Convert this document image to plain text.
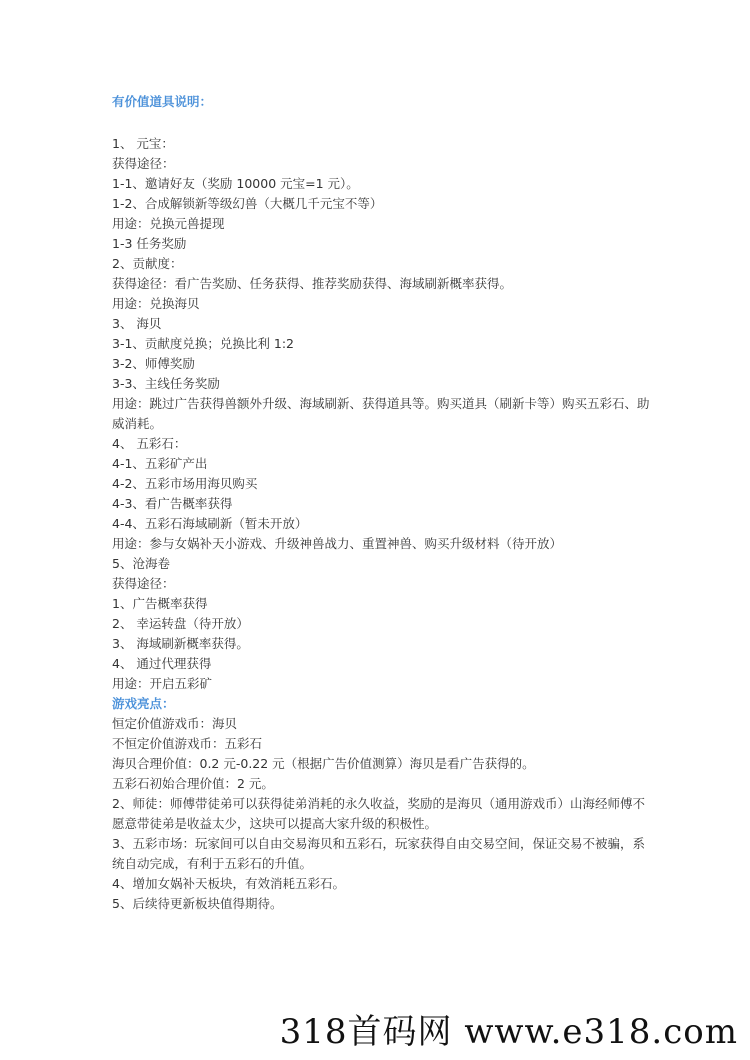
有价值道具说明：

1、 元宝：

获得途径：

1-1、邀请好友（奖励 10000 元宝=1 元）。

1-2、合成解锁新等级幻兽（大概几千元宝不等）

用途：兑换元兽提现

1-3 任务奖励

2、贡献度：

获得途径：看广告奖励、任务获得、推荐奖励获得、海域刷新概率获得。

用途：兑换海贝

3、 海贝

3-1、贡献度兑换；兑换比利 1:2

3-2、师傅奖励

3-3、主线任务奖励

用途：跳过广告获得兽额外升级、海域刷新、获得道具等。购买道具（刷新卡等）购买五彩石、助威消耗。

4、 五彩石：

4-1、五彩矿产出

4-2、五彩市场用海贝购买

4-3、看广告概率获得

4-4、五彩石海域刷新（暂未开放）

用途：参与女娲补天小游戏、升级神兽战力、重置神兽、购买升级材料（待开放）

5、沧海卷

获得途径：

1、广告概率获得

2、 幸运转盘（待开放）

3、 海域刷新概率获得。

4、 通过代理获得

用途：开启五彩矿

游戏亮点：

恒定价值游戏币：海贝

不恒定价值游戏币：五彩石

海贝合理价值：0.2 元-0.22 元（根据广告价值测算）海贝是看广告获得的。

五彩石初始合理价值：2 元。

2、师徒：师傅带徒弟可以获得徒弟消耗的永久收益，奖励的是海贝（通用游戏币）山海经师傅不愿意带徒弟是收益太少，这块可以提高大家升级的积极性。

3、五彩市场：玩家间可以自由交易海贝和五彩石，玩家获得自由交易空间，保证交易不被骗，系统自动完成，有利于五彩石的升值。

4、增加女娲补天板块，有效消耗五彩石。

5、后续待更新板块值得期待。

318首码网 www.e318.com
